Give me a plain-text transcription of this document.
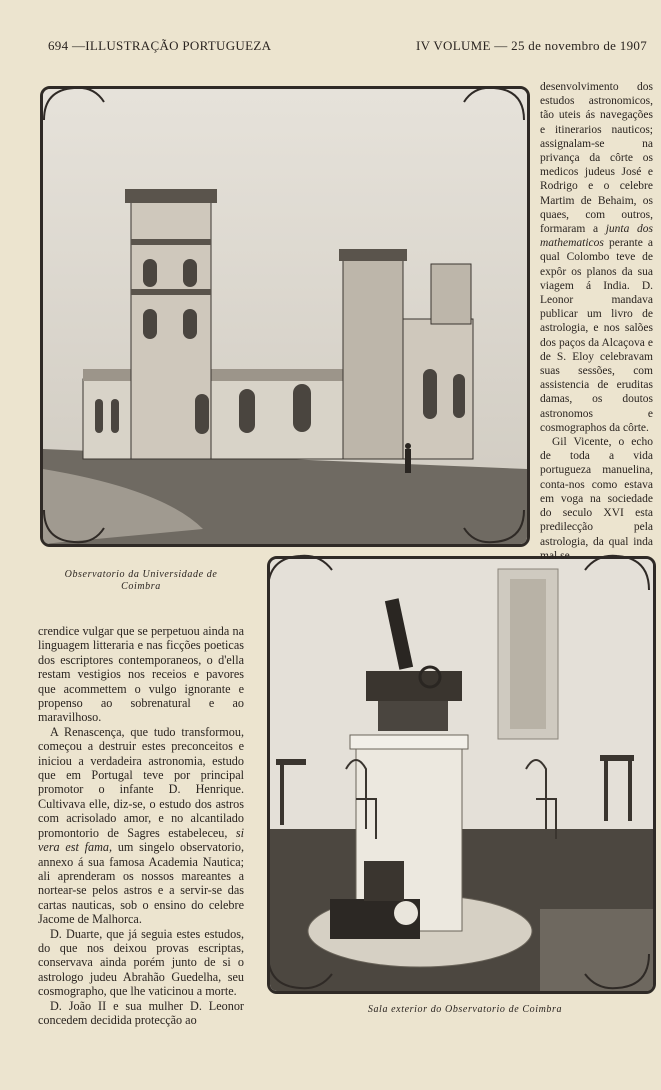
694 —ILLUSTRAÇÃO PORTUGUEZA	IV VOLUME — 25 de novembro de 1907
Observatorio da Universidade de Coimbra
Sala exterior do Observatorio de Coimbra

desenvolvimento dos estudos astronomicos, tão uteis ás navegações e itinerarios nauticos; assignalam-se na privança da côrte os medicos judeus José e Rodrigo e o celebre Martim de Behaim, os quaes, com outros, formaram a junta dos mathematicos perante a qual Colombo teve de expôr os planos da sua viagem á India. D. Leonor mandava publicar um livro de astrologia, e nos salões dos paços da Alcaçova e de S. Eloy celebravam suas sessões, com assistencia de eruditas damas, os doutos astronomos e cosmographos da côrte.

Gil Vicente, o echo de toda a vida portugueza manuelina, conta-nos como estava em voga na sociedade do seculo XVI esta predilecção pela astrologia, da qual inda mal se

crendice vulgar que se perpetuou ainda na linguagem litteraria e nas ficções poeticas dos escriptores contemporaneos, o d'ella restam vestigios nos receios e pavores que acommettem o vulgo ignorante e propenso ao sobrenatural e ao maravilhoso.

A Renascença, que tudo transformou, começou a destruir estes preconceitos e iniciou a verdadeira astronomia, estudo que em Portugal teve por principal promotor o infante D. Henrique. Cultivava elle, diz-se, o estudo dos astros com acrisolado amor, e no alcantilado promontorio de Sagres estabeleceu, si vera est fama, um singelo observatorio, annexo á sua famosa Academia Nautica; ali aprenderam os nossos mareantes a nortear-se pelos astros e a servir-se das cartas nauticas, sob o ensino do celebre Jacome de Malhorca.

D. Duarte, que já seguia estes estudos, do que nos deixou provas escriptas, conservava ainda porém junto de si o astrologo judeu Abrahão Guedelha, seu cosmographo, que lhe vaticinou a morte.

D. João II e sua mulher D. Leonor concedem decidida protecção ao
